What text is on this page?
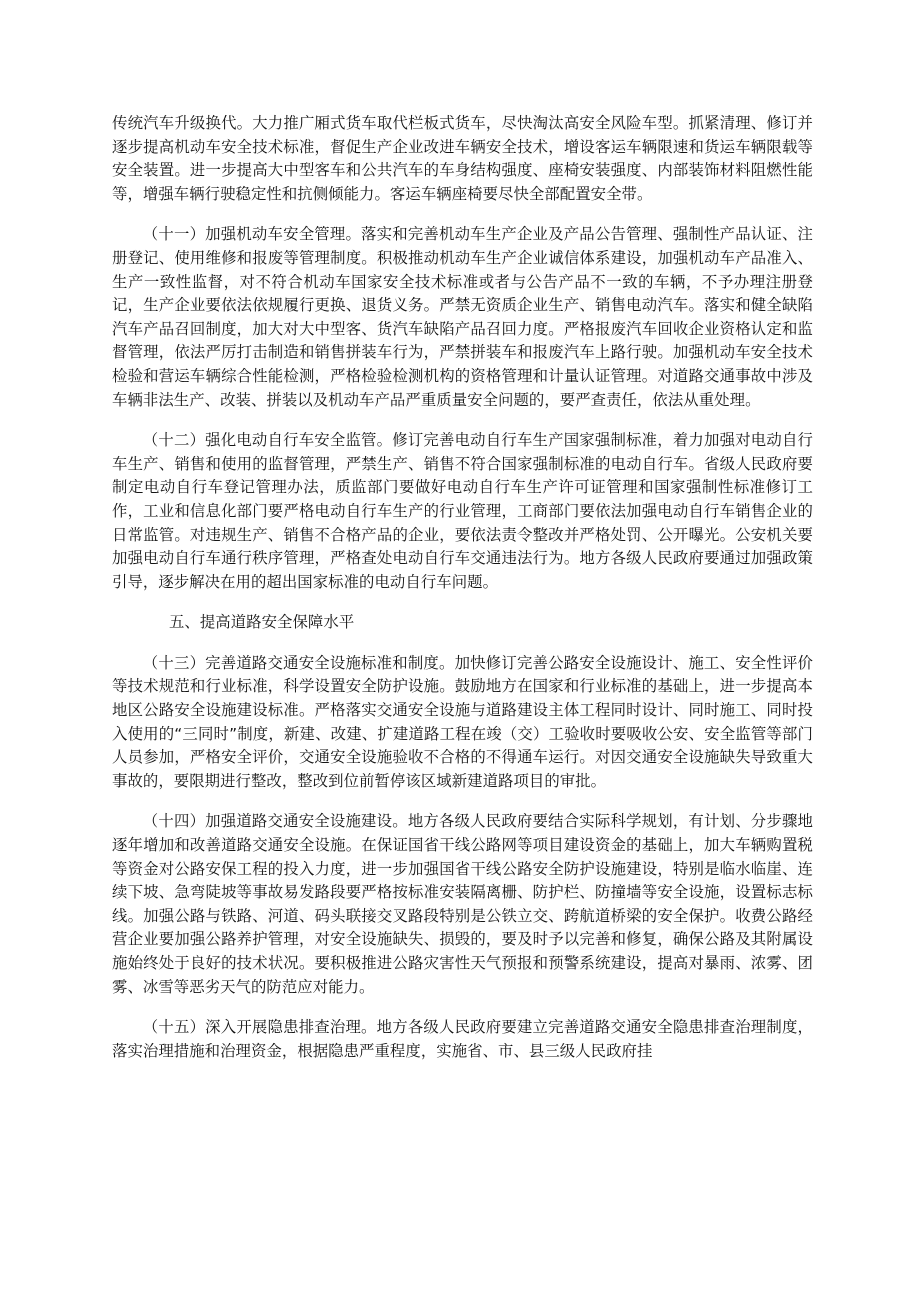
传统汽车升级换代。大力推广厢式货车取代栏板式货车，尽快淘汰高安全风险车型。抓紧清理、修订并逐步提高机动车安全技术标准，督促生产企业改进车辆安全技术，增设客运车辆限速和货运车辆限载等安全装置。进一步提高大中型客车和公共汽车的车身结构强度、座椅安装强度、内部装饰材料阻燃性能等，增强车辆行驶稳定性和抗侧倾能力。客运车辆座椅要尽快全部配置安全带。

（十一）加强机动车安全管理。落实和完善机动车生产企业及产品公告管理、强制性产品认证、注册登记、使用维修和报废等管理制度。积极推动机动车生产企业诚信体系建设，加强机动车产品准入、生产一致性监督，对不符合机动车国家安全技术标准或者与公告产品不一致的车辆，不予办理注册登记，生产企业要依法依规履行更换、退货义务。严禁无资质企业生产、销售电动汽车。落实和健全缺陷汽车产品召回制度，加大对大中型客、货汽车缺陷产品召回力度。严格报废汽车回收企业资格认定和监督管理，依法严厉打击制造和销售拼装车行为，严禁拼装车和报废汽车上路行驶。加强机动车安全技术检验和营运车辆综合性能检测，严格检验检测机构的资格管理和计量认证管理。对道路交通事故中涉及车辆非法生产、改装、拼装以及机动车产品严重质量安全问题的，要严查责任，依法从重处理。

（十二）强化电动自行车安全监管。修订完善电动自行车生产国家强制标准，着力加强对电动自行车生产、销售和使用的监督管理，严禁生产、销售不符合国家强制标准的电动自行车。省级人民政府要制定电动自行车登记管理办法，质监部门要做好电动自行车生产许可证管理和国家强制性标准修订工作，工业和信息化部门要严格电动自行车生产的行业管理，工商部门要依法加强电动自行车销售企业的日常监管。对违规生产、销售不合格产品的企业，要依法责令整改并严格处罚、公开曝光。公安机关要加强电动自行车通行秩序管理，严格查处电动自行车交通违法行为。地方各级人民政府要通过加强政策引导，逐步解决在用的超出国家标准的电动自行车问题。

五、提高道路安全保障水平

（十三）完善道路交通安全设施标准和制度。加快修订完善公路安全设施设计、施工、安全性评价等技术规范和行业标准，科学设置安全防护设施。鼓励地方在国家和行业标准的基础上，进一步提高本地区公路安全设施建设标准。严格落实交通安全设施与道路建设主体工程同时设计、同时施工、同时投入使用的“三同时”制度，新建、改建、扩建道路工程在竣（交）工验收时要吸收公安、安全监管等部门人员参加，严格安全评价，交通安全设施验收不合格的不得通车运行。对因交通安全设施缺失导致重大事故的，要限期进行整改，整改到位前暂停该区域新建道路项目的审批。

（十四）加强道路交通安全设施建设。地方各级人民政府要结合实际科学规划，有计划、分步骤地逐年增加和改善道路交通安全设施。在保证国省干线公路网等项目建设资金的基础上，加大车辆购置税等资金对公路安保工程的投入力度，进一步加强国省干线公路安全防护设施建设，特别是临水临崖、连续下坡、急弯陡坡等事故易发路段要严格按标准安装隔离栅、防护栏、防撞墙等安全设施，设置标志标线。加强公路与铁路、河道、码头联接交叉路段特别是公铁立交、跨航道桥梁的安全保护。收费公路经营企业要加强公路养护管理，对安全设施缺失、损毁的，要及时予以完善和修复，确保公路及其附属设施始终处于良好的技术状况。要积极推进公路灾害性天气预报和预警系统建设，提高对暴雨、浓雾、团雾、冰雪等恶劣天气的防范应对能力。

（十五）深入开展隐患排查治理。地方各级人民政府要建立完善道路交通安全隐患排查治理制度，落实治理措施和治理资金，根据隐患严重程度，实施省、市、县三级人民政府挂
